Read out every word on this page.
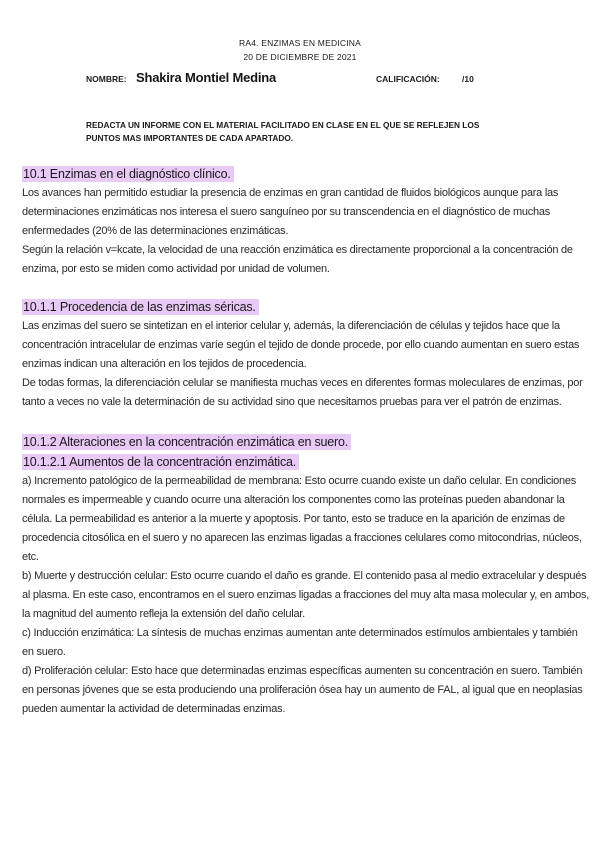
RA4. ENZIMAS EN MEDICINA
20 DE DICIEMBRE DE 2021
NOMBRE: Shakira Montiel Medina	CALIFICACIÓN:	/10
REDACTA UN INFORME CON EL MATERIAL FACILITADO EN CLASE EN EL QUE SE REFLEJEN LOS
PUNTOS MAS IMPORTANTES DE CADA APARTADO.
10.1 Enzimas en el diagnóstico clínico.

Los avances han permitido estudiar la presencia de enzimas en gran cantidad de fluidos biológicos aunque para las determinaciones enzimáticas nos interesa el suero sanguíneo por su transcendencia en el diagnóstico de muchas enfermedades (20% de las determinaciones enzimáticas.

Según la relación v=kcate, la velocidad de una reacción enzimática es directamente proporcional a la concentración de enzima, por esto se miden como actividad por unidad de volumen.

10.1.1 Procedencia de las enzimas séricas.

Las enzimas del suero se sintetizan en el interior celular y, además, la diferenciación de células y tejidos hace que la concentración intracelular de enzimas varíe según el tejido de donde procede, por ello cuando aumentan en suero estas enzimas indican una alteración en los tejidos de procedencia.

De todas formas, la diferenciación celular se manifiesta muchas veces en diferentes formas moleculares de enzimas, por tanto a veces no vale la determinación de su actividad sino que necesitamos pruebas para ver el patrón de enzimas.

10.1.2 Alteraciones en la concentración enzimática en suero.
10.1.2.1 Aumentos de la concentración enzimática.

a) Incremento patológico de la permeabilidad de membrana: Esto ocurre cuando existe un daño celular. En condiciones normales es impermeable y cuando ocurre una alteración los componentes como las proteínas pueden abandonar la célula. La permeabilidad es anterior a la muerte y apoptosis. Por tanto, esto se traduce en la aparición de enzimas de procedencia citosólica en el suero y no aparecen las enzimas ligadas a fracciones celulares como mitocondrias, núcleos, etc.

b) Muerte y destrucción celular: Esto ocurre cuando el daño es grande. El contenido pasa al medio extracelular y después al plasma. En este caso, encontramos en el suero enzimas ligadas a fracciones del muy alta masa molecular y, en ambos, la magnitud del aumento refleja la extensión del daño celular.

c) Inducción enzimática: La síntesis de muchas enzimas aumentan ante determinados estímulos ambientales y también en suero.

d) Proliferación celular: Esto hace que determinadas enzimas específicas aumenten su concentración en suero. También en personas jóvenes que se esta produciendo una proliferación ósea hay un aumento de FAL, al igual que en neoplasias pueden aumentar la actividad de determinadas enzimas.
